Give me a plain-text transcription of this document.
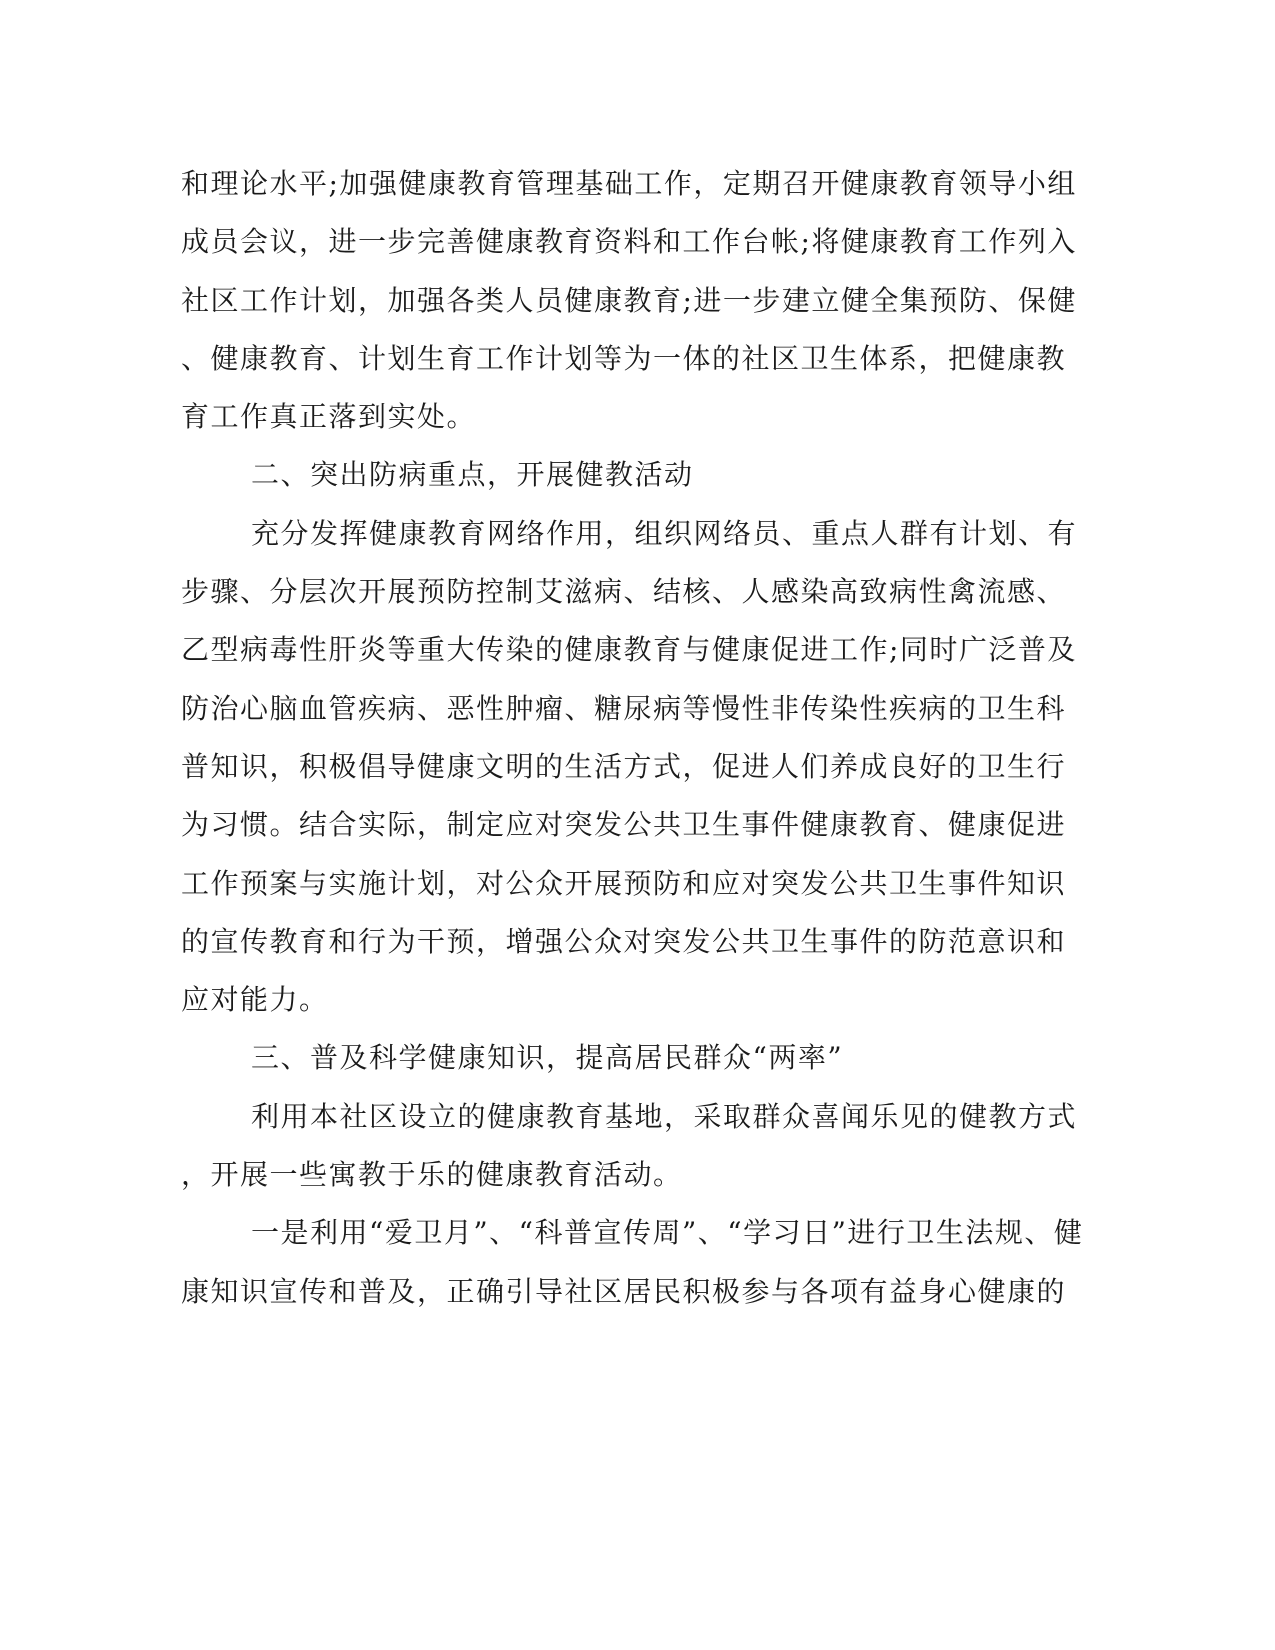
和理论水平;加强健康教育管理基础工作，定期召开健康教育领导小组
成员会议，进一步完善健康教育资料和工作台帐;将健康教育工作列入
社区工作计划，加强各类人员健康教育;进一步建立健全集预防、保健
、健康教育、计划生育工作计划等为一体的社区卫生体系，把健康教
育工作真正落到实处。
二、突出防病重点，开展健教活动
充分发挥健康教育网络作用，组织网络员、重点人群有计划、有
步骤、分层次开展预防控制艾滋病、结核、人感染高致病性禽流感、
乙型病毒性肝炎等重大传染的健康教育与健康促进工作;同时广泛普及
防治心脑血管疾病、恶性肿瘤、糖尿病等慢性非传染性疾病的卫生科
普知识，积极倡导健康文明的生活方式，促进人们养成良好的卫生行
为习惯。结合实际，制定应对突发公共卫生事件健康教育、健康促进
工作预案与实施计划，对公众开展预防和应对突发公共卫生事件知识
的宣传教育和行为干预，增强公众对突发公共卫生事件的防范意识和
应对能力。
三、普及科学健康知识，提高居民群众“两率”
利用本社区设立的健康教育基地，采取群众喜闻乐见的健教方式
，开展一些寓教于乐的健康教育活动。
一是利用“爱卫月”、“科普宣传周”、“学习日”进行卫生法规、健
康知识宣传和普及，正确引导社区居民积极参与各项有益身心健康的
